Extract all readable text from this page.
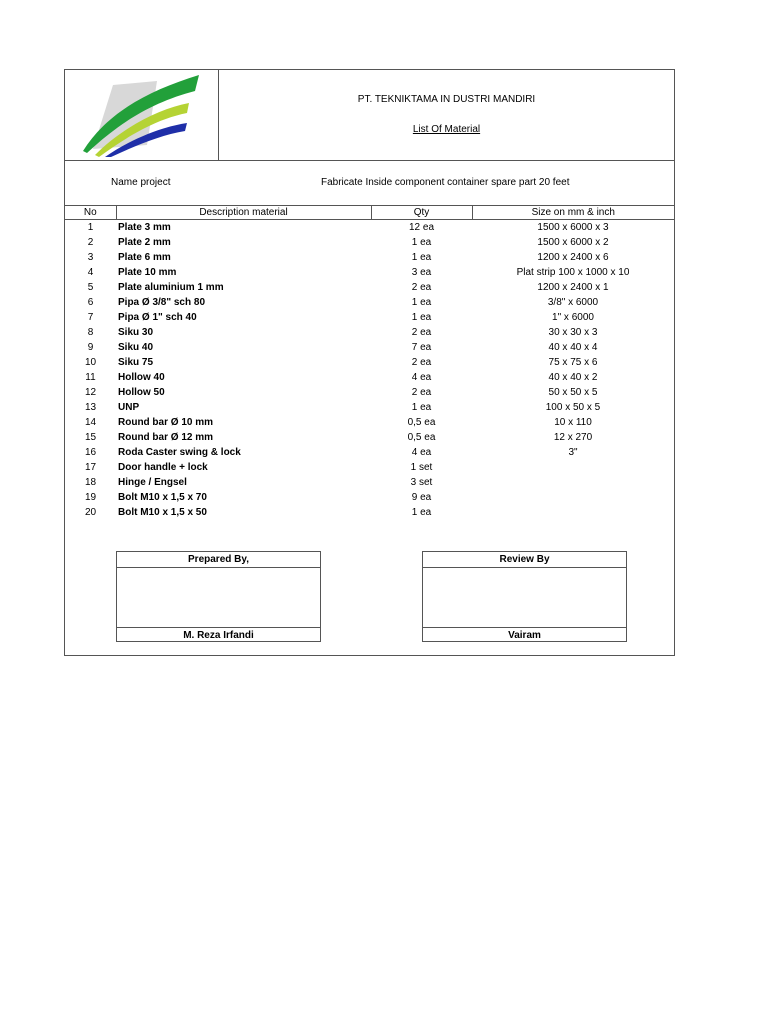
PT. TEKNIKTAMA IN DUSTRI MANDIRI
List Of Material
Name project	Fabricate Inside component container spare part 20 feet
No	Description material	Qty	Size on mm & inch
1	Plate 3 mm	12 ea	1500 x 6000 x 3
2	Plate 2 mm	1 ea	1500 x 6000 x 2
3	Plate 6 mm	1 ea	1200 x 2400 x 6
4	Plate 10 mm	3 ea	Plat strip 100 x 1000 x 10
5	Plate aluminium 1 mm	2 ea	1200 x 2400 x 1
6	Pipa Ø 3/8" sch 80	1 ea	3/8" x 6000
7	Pipa Ø 1" sch 40	1 ea	1" x 6000
8	Siku 30	2 ea	30 x 30 x 3
9	Siku 40	7 ea	40 x 40 x 4
10	Siku 75	2 ea	75 x 75 x 6
11	Hollow 40	4 ea	40 x 40 x 2
12	Hollow 50	2 ea	50 x 50 x 5
13	UNP	1 ea	100 x 50 x 5
14	Round bar Ø 10 mm	0,5 ea	10 x 110
15	Round bar Ø 12 mm	0,5 ea	12 x 270
16	Roda Caster swing & lock	4 ea	3"
17	Door handle + lock	1 set	
18	Hinge / Engsel	3 set	
19	Bolt M10 x 1,5 x 70	9 ea	
20	Bolt M10 x 1,5 x 50	1 ea	
Prepared By,
M. Reza Irfandi
Review By
Vairam
